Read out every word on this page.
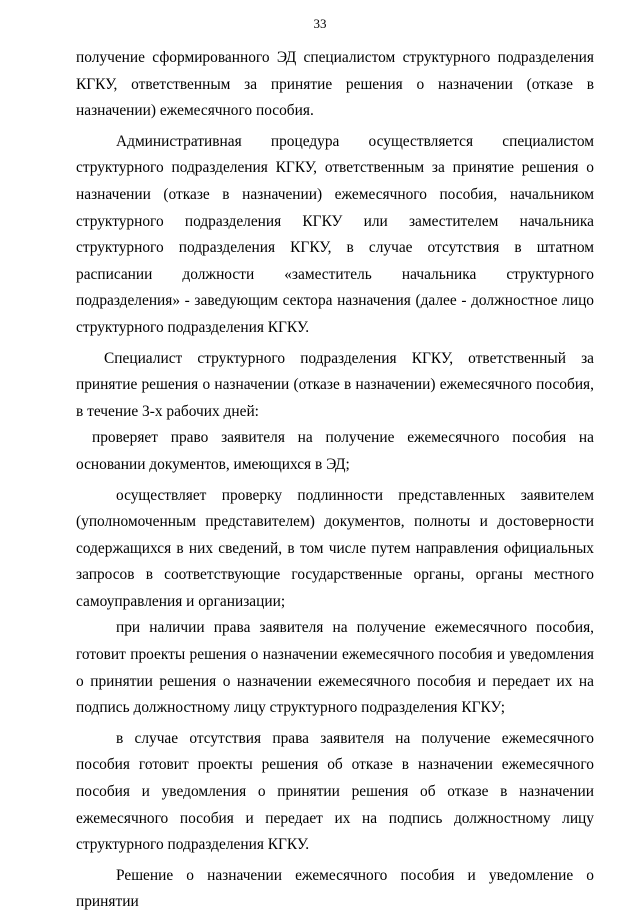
33

получение сформированного ЭД специалистом структурного подразделения КГКУ, ответственным за принятие решения о назначении (отказе в назначении) ежемесячного пособия.

Административная процедура осуществляется специалистом структурного подразделения КГКУ, ответственным за принятие решения о назначении (отказе в назначении) ежемесячного пособия, начальником структурного подразделения КГКУ или заместителем начальника структурного подразделения КГКУ, в случае отсутствия в штатном расписании должности «заместитель начальника структурного подразделения» - заведующим сектора назначения (далее - должностное лицо структурного подразделения КГКУ.

Специалист структурного подразделения КГКУ, ответственный за принятие решения о назначении (отказе в назначении) ежемесячного пособия, в течение 3-х рабочих дней:

проверяет право заявителя на получение ежемесячного пособия на основании документов, имеющихся в ЭД;

осуществляет проверку подлинности представленных заявителем (уполномоченным представителем) документов, полноты и достоверности содержащихся в них сведений, в том числе путем направления официальных запросов в соответствующие государственные органы, органы местного самоуправления и организации;

при наличии права заявителя на получение ежемесячного пособия, готовит проекты решения о назначении ежемесячного пособия и уведомления о принятии решения о назначении ежемесячного пособия и передает их на подпись должностному лицу структурного подразделения КГКУ;

в случае отсутствия права заявителя на получение ежемесячного пособия готовит проекты решения об отказе в назначении ежемесячного пособия и уведомления о принятии решения об отказе в назначении ежемесячного пособия и передает их на подпись должностному лицу структурного подразделения КГКУ.

Решение о назначении ежемесячного пособия и уведомление о принятии
